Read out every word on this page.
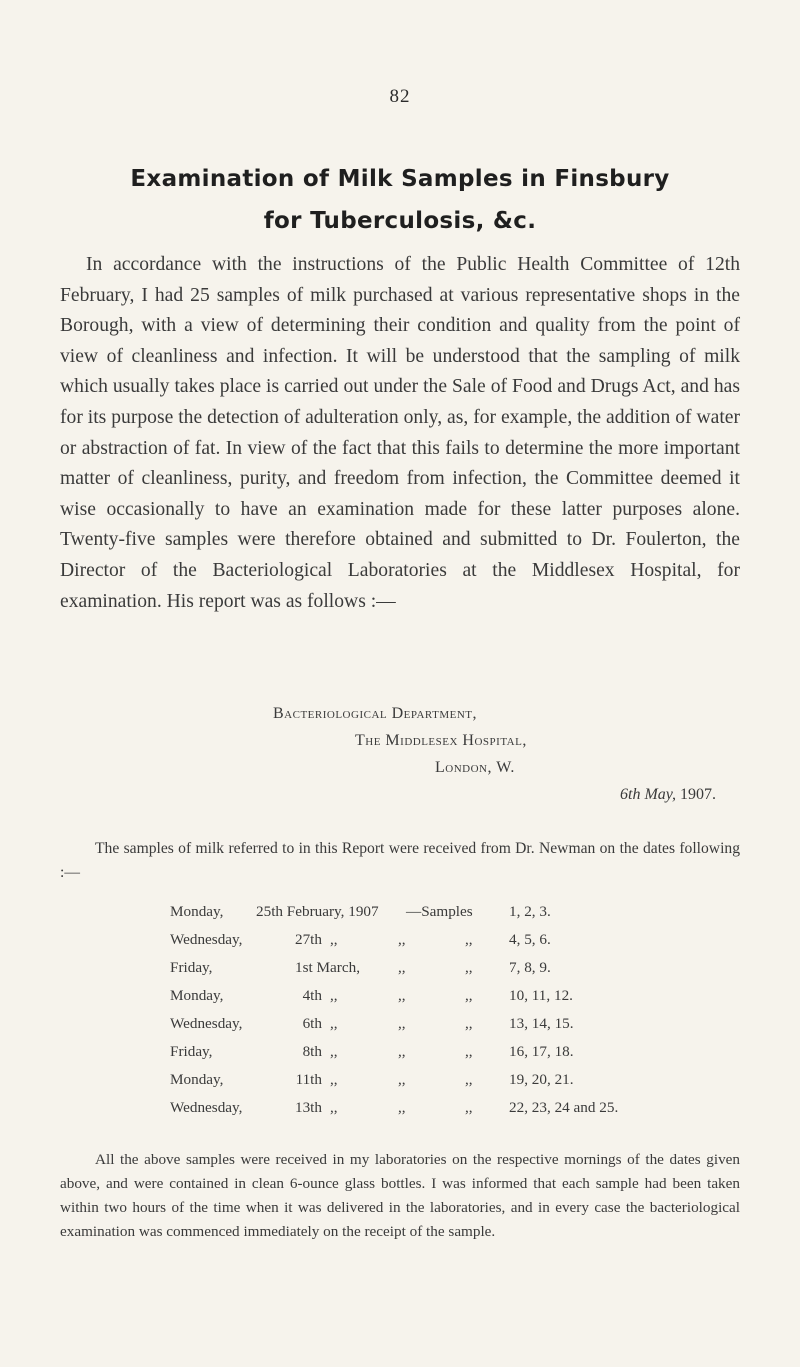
82
Examination of Milk Samples in Finsbury
for Tuberculosis, &c.

In accordance with the instructions of the Public Health Committee of 12th February, I had 25 samples of milk purchased at various representative shops in the Borough, with a view of determining their condition and quality from the point of view of cleanliness and infection. It will be understood that the sampling of milk which usually takes place is carried out under the Sale of Food and Drugs Act, and has for its purpose the detection of adulteration only, as, for example, the addition of water or abstraction of fat. In view of the fact that this fails to determine the more important matter of cleanliness, purity, and freedom from infection, the Committee deemed it wise occasionally to have an examination made for these latter purposes alone. Twenty-five samples were therefore obtained and submitted to Dr. Foulerton, the Director of the Bacteriological Laboratories at the Middlesex Hospital, for examination. His report was as follows :—

Bacteriological Department,
The Middlesex Hospital,
London, W.
6th May, 1907.

The samples of milk referred to in this Report were received from Dr. Newman on the dates following :—

Monday, 25th February, 1907 —Samples 1, 2, 3.
Wednesday,	27th ,,	,,	,, 4, 5, 6.
Friday,	1st March,	,,	,, 7, 8, 9.
Monday,	4th ,,	,,	,, 10, 11, 12.
Wednesday,	6th ,,	,,	,, 13, 14, 15.
Friday,	8th ,,	,,	,, 16, 17, 18.
Monday,	11th ,,	,,	,, 19, 20, 21.
Wednesday,	13th ,,	,,	,, 22, 23, 24 and 25.

All the above samples were received in my laboratories on the respective mornings of the dates given above, and were contained in clean 6-ounce glass bottles. I was informed that each sample had been taken within two hours of the time when it was delivered in the laboratories, and in every case the bacteriological examination was commenced immediately on the receipt of the sample.
